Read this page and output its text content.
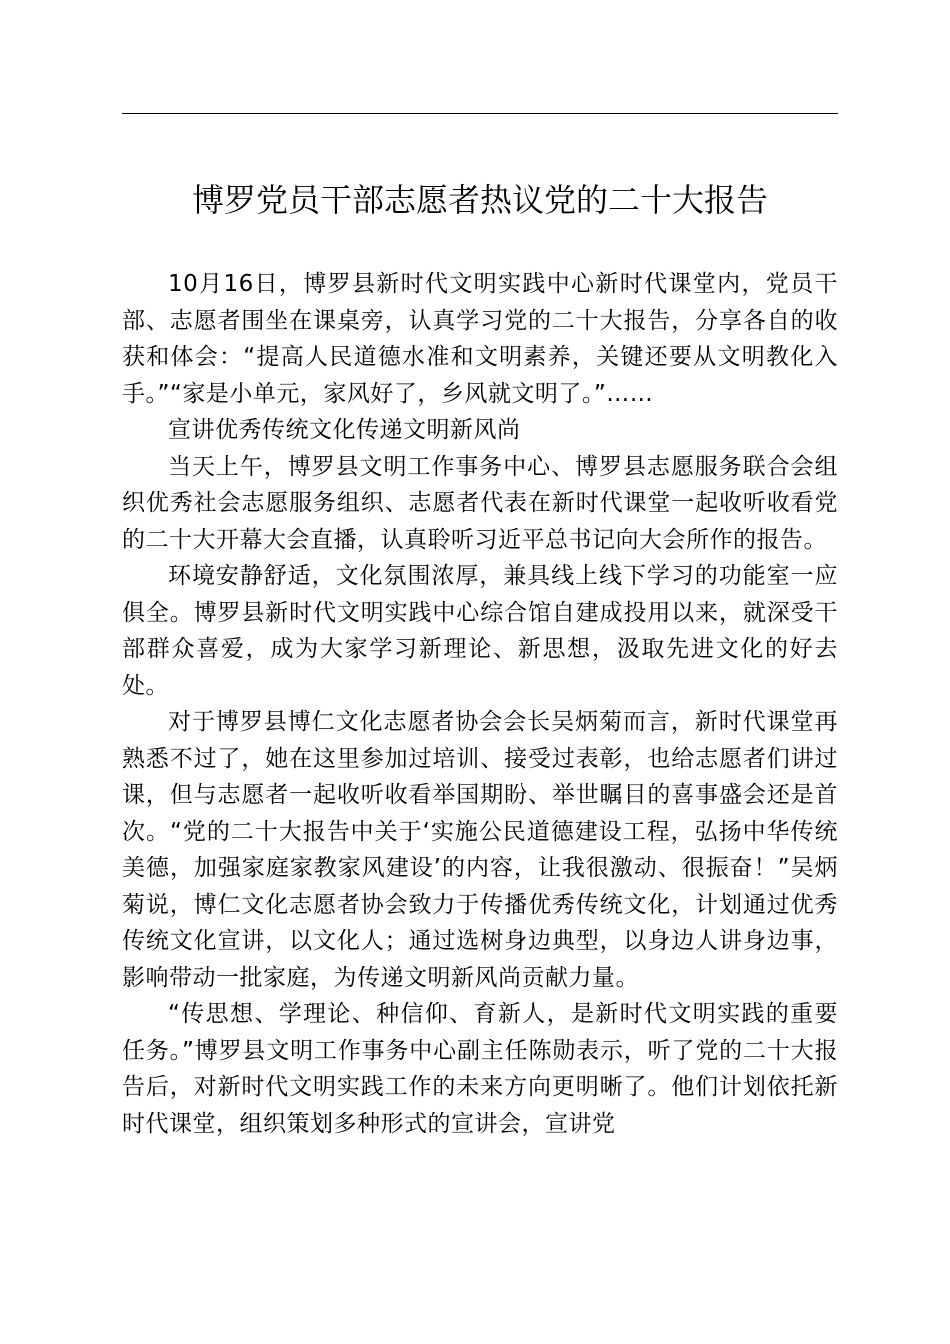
博罗党员干部志愿者热议党的二十大报告

10月16日，博罗县新时代文明实践中心新时代课堂内，党员干部、志愿者围坐在课桌旁，认真学习党的二十大报告，分享各自的收获和体会：“提高人民道德水准和文明素养，关键还要从文明教化入手。”“家是小单元，家风好了，乡风就文明了。”……

宣讲优秀传统文化传递文明新风尚

当天上午，博罗县文明工作事务中心、博罗县志愿服务联合会组织优秀社会志愿服务组织、志愿者代表在新时代课堂一起收听收看党的二十大开幕大会直播，认真聆听习近平总书记向大会所作的报告。

环境安静舒适，文化氛围浓厚，兼具线上线下学习的功能室一应俱全。博罗县新时代文明实践中心综合馆自建成投用以来，就深受干部群众喜爱，成为大家学习新理论、新思想，汲取先进文化的好去处。

对于博罗县博仁文化志愿者协会会长吴炳菊而言，新时代课堂再熟悉不过了，她在这里参加过培训、接受过表彰，也给志愿者们讲过课，但与志愿者一起收听收看举国期盼、举世瞩目的喜事盛会还是首次。“党的二十大报告中关于‘实施公民道德建设工程，弘扬中华传统美德，加强家庭家教家风建设’的内容，让我很激动、很振奋！”吴炳菊说，博仁文化志愿者协会致力于传播优秀传统文化，计划通过优秀传统文化宣讲，以文化人；通过选树身边典型，以身边人讲身边事，影响带动一批家庭，为传递文明新风尚贡献力量。

“传思想、学理论、种信仰、育新人，是新时代文明实践的重要任务。”博罗县文明工作事务中心副主任陈勋表示，听了党的二十大报告后，对新时代文明实践工作的未来方向更明晰了。他们计划依托新时代课堂，组织策划多种形式的宣讲会，宣讲党
